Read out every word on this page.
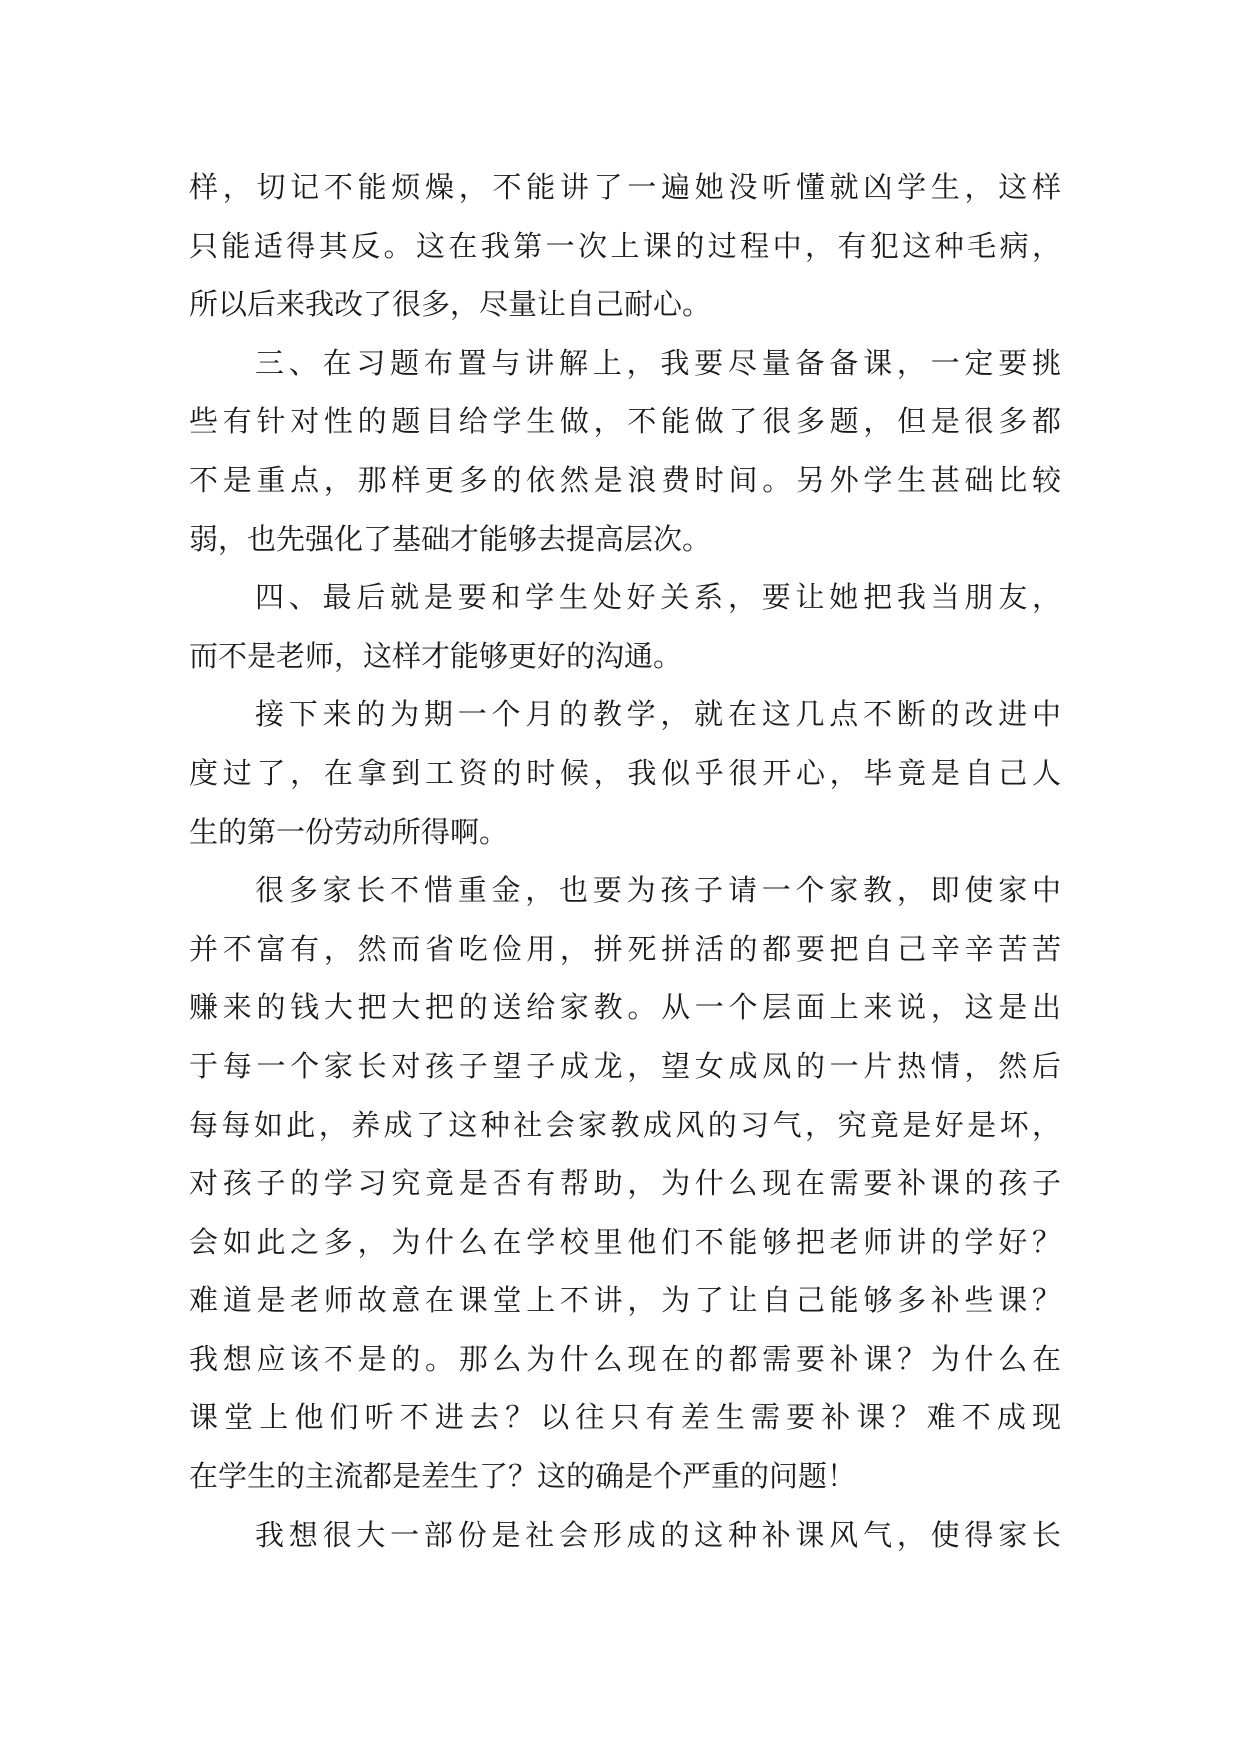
样，切记不能烦燥，不能讲了一遍她没听懂就凶学生，这样
只能适得其反。这在我第一次上课的过程中，有犯这种毛病，
所以后来我改了很多，尽量让自己耐心。
三、在习题布置与讲解上，我要尽量备备课，一定要挑
些有针对性的题目给学生做，不能做了很多题，但是很多都
不是重点，那样更多的依然是浪费时间。另外学生甚础比较
弱，也先强化了基础才能够去提高层次。
四、最后就是要和学生处好关系，要让她把我当朋友，
而不是老师，这样才能够更好的沟通。
接下来的为期一个月的教学，就在这几点不断的改进中
度过了，在拿到工资的时候，我似乎很开心，毕竟是自己人
生的第一份劳动所得啊。
很多家长不惜重金，也要为孩子请一个家教，即使家中
并不富有，然而省吃俭用，拼死拼活的都要把自己辛辛苦苦
赚来的钱大把大把的送给家教。从一个层面上来说，这是出
于每一个家长对孩子望子成龙，望女成凤的一片热情，然后
每每如此，养成了这种社会家教成风的习气，究竟是好是坏，
对孩子的学习究竟是否有帮助，为什么现在需要补课的孩子
会如此之多，为什么在学校里他们不能够把老师讲的学好？
难道是老师故意在课堂上不讲，为了让自己能够多补些课？
我想应该不是的。那么为什么现在的都需要补课？为什么在
课堂上他们听不进去？以往只有差生需要补课？难不成现
在学生的主流都是差生了？这的确是个严重的问题！
我想很大一部份是社会形成的这种补课风气，使得家长
